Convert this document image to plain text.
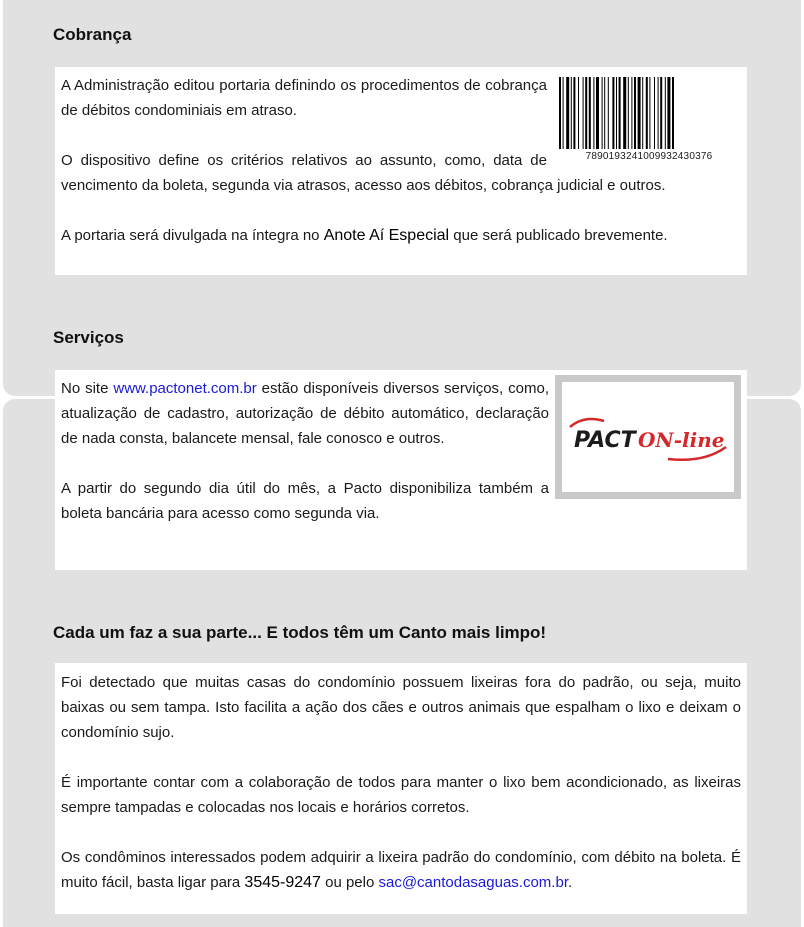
Cobrança
7890193241009932430376

A Administração editou portaria definindo os procedimentos de cobrança de débitos condominiais em atraso.

O dispositivo define os critérios relativos ao assunto, como, data de vencimento da boleta, segunda via atrasos, acesso aos débitos, cobrança judicial e outros.

A portaria será divulgada na íntegra no Anote Aí Especial que será publicado brevemente.

Serviços
PACT ON-line

No site www.pactonet.com.br estão disponíveis diversos serviços, como, atualização de cadastro, autorização de débito automático, declaração de nada consta, balancete mensal, fale conosco e outros.

A partir do segundo dia útil do mês, a Pacto disponibiliza também a boleta bancária para acesso como segunda via.

Cada um faz a sua parte... E todos têm um Canto mais limpo!

Foi detectado que muitas casas do condomínio possuem lixeiras fora do padrão, ou seja, muito baixas ou sem tampa. Isto facilita a ação dos cães e outros animais que espalham o lixo e deixam o condomínio sujo.

É importante contar com a colaboração de todos para manter o lixo bem acondicionado, as lixeiras sempre tampadas e colocadas nos locais e horários corretos.

Os condôminos interessados podem adquirir a lixeira padrão do condomínio, com débito na boleta. É muito fácil, basta ligar para 3545-9247 ou pelo sac@cantodasaguas.com.br.
